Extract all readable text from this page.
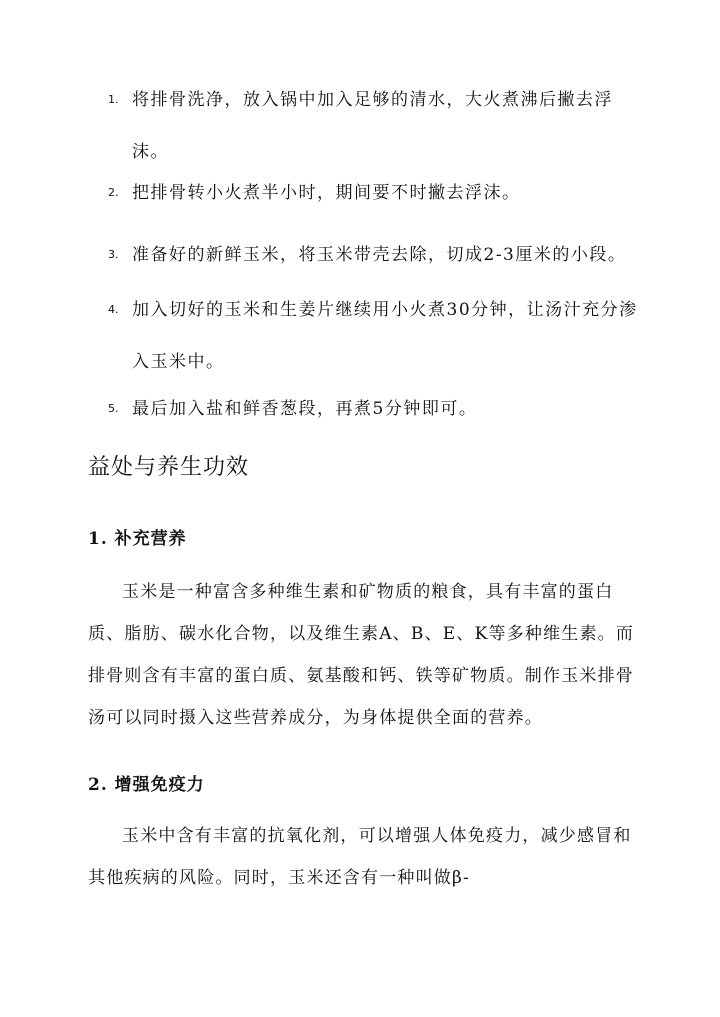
1. 将排骨洗净，放入锅中加入足够的清水，大火煮沸后撇去浮沫。
2. 把排骨转小火煮半小时，期间要不时撇去浮沫。
3. 准备好的新鲜玉米，将玉米带壳去除，切成2-3厘米的小段。
4. 加入切好的玉米和生姜片继续用小火煮30分钟，让汤汁充分渗入玉米中。
5. 最后加入盐和鲜香葱段，再煮5分钟即可。
益处与养生功效
1. 补充营养

玉米是一种富含多种维生素和矿物质的粮食，具有丰富的蛋白质、脂肪、碳水化合物，以及维生素A、B、E、K等多种维生素。而排骨则含有丰富的蛋白质、氨基酸和钙、铁等矿物质。制作玉米排骨汤可以同时摄入这些营养成分，为身体提供全面的营养。

2. 增强免疫力

玉米中含有丰富的抗氧化剂，可以增强人体免疫力，减少感冒和其他疾病的风险。同时，玉米还含有一种叫做β-
